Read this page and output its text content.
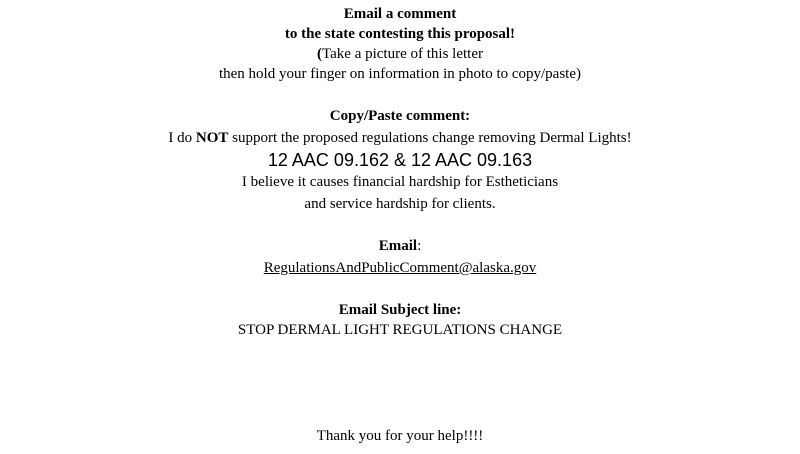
Email a comment
to the state contesting this proposal!
(Take a picture of this letter
then hold your finger on information in photo to copy/paste)
Copy/Paste comment:
I do NOT support the proposed regulations change removing Dermal Lights!
12 AAC 09.162 & 12 AAC 09.163
I believe it causes financial hardship for Estheticians
and service hardship for clients.
Email:
RegulationsAndPublicComment@alaska.gov
Email Subject line:
STOP DERMAL LIGHT REGULATIONS CHANGE
Thank you for your help!!!!
